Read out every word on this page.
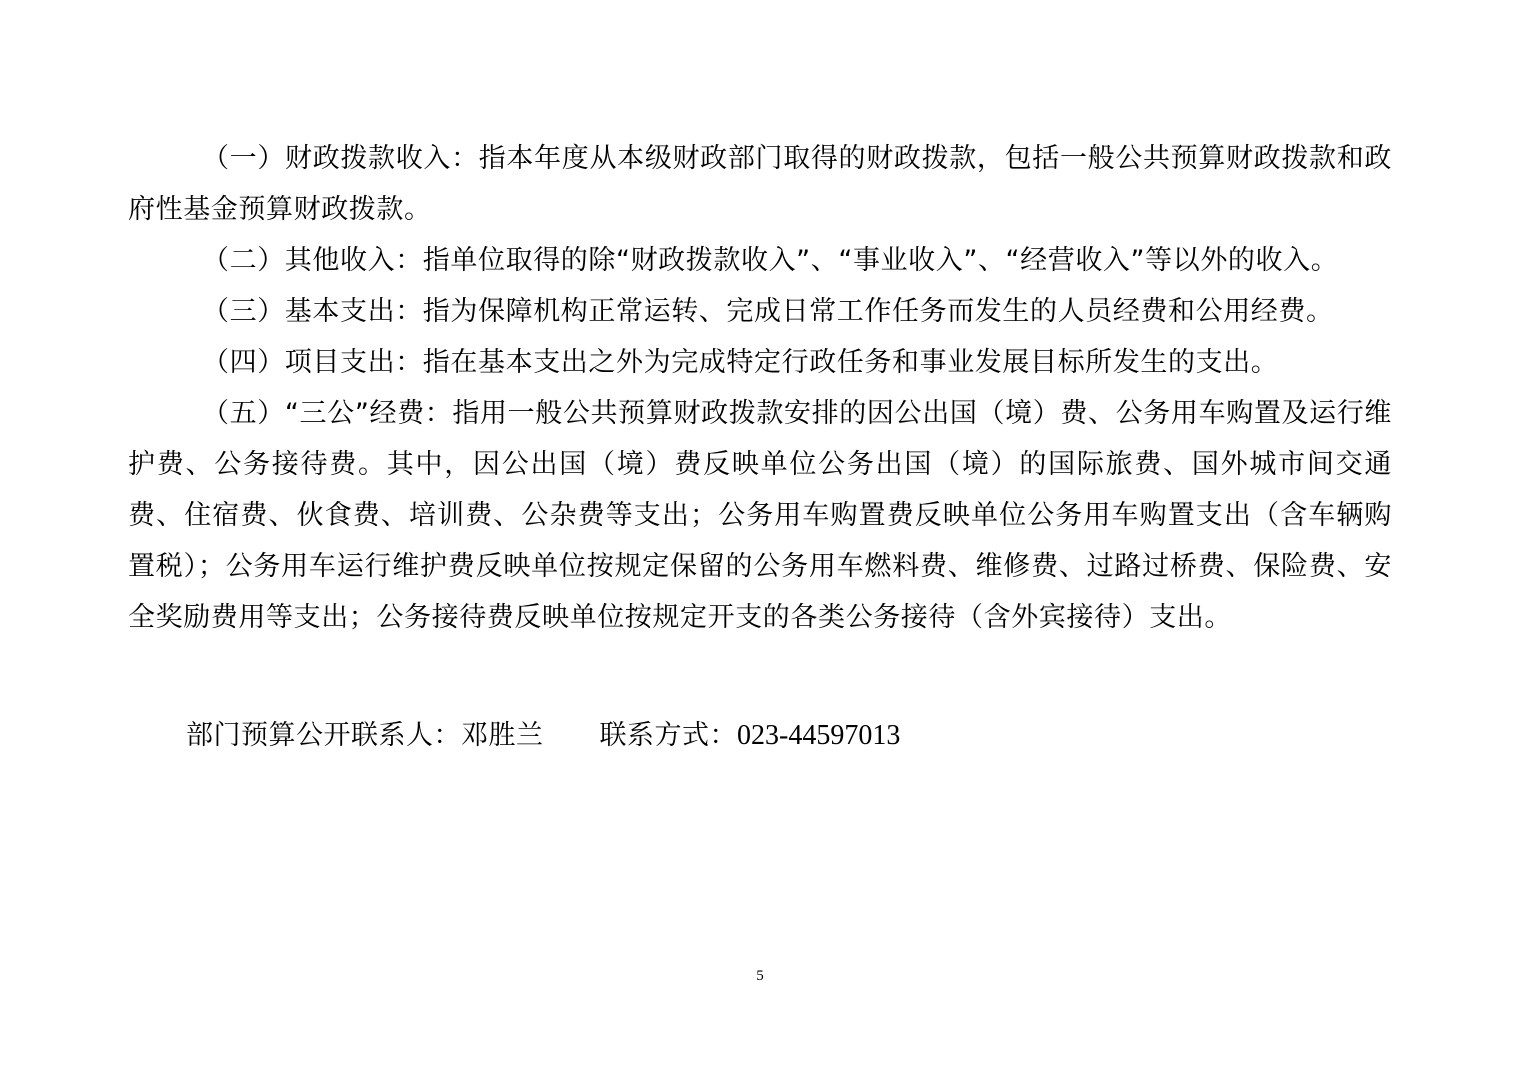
（一）财政拨款收入：指本年度从本级财政部门取得的财政拨款，包括一般公共预算财政拨款和政府性基金预算财政拨款。

（二）其他收入：指单位取得的除“财政拨款收入”、“事业收入”、“经营收入”等以外的收入。

（三）基本支出：指为保障机构正常运转、完成日常工作任务而发生的人员经费和公用经费。

（四）项目支出：指在基本支出之外为完成特定行政任务和事业发展目标所发生的支出。

（五）“三公”经费：指用一般公共预算财政拨款安排的因公出国（境）费、公务用车购置及运行维护费、公务接待费。其中，因公出国（境）费反映单位公务出国（境）的国际旅费、国外城市间交通费、住宿费、伙食费、培训费、公杂费等支出；公务用车购置费反映单位公务用车购置支出（含车辆购置税）；公务用车运行维护费反映单位按规定保留的公务用车燃料费、维修费、过路过桥费、保险费、安全奖励费用等支出；公务接待费反映单位按规定开支的各类公务接待（含外宾接待）支出。

部门预算公开联系人：邓胜兰 联系方式：023-44597013
5
